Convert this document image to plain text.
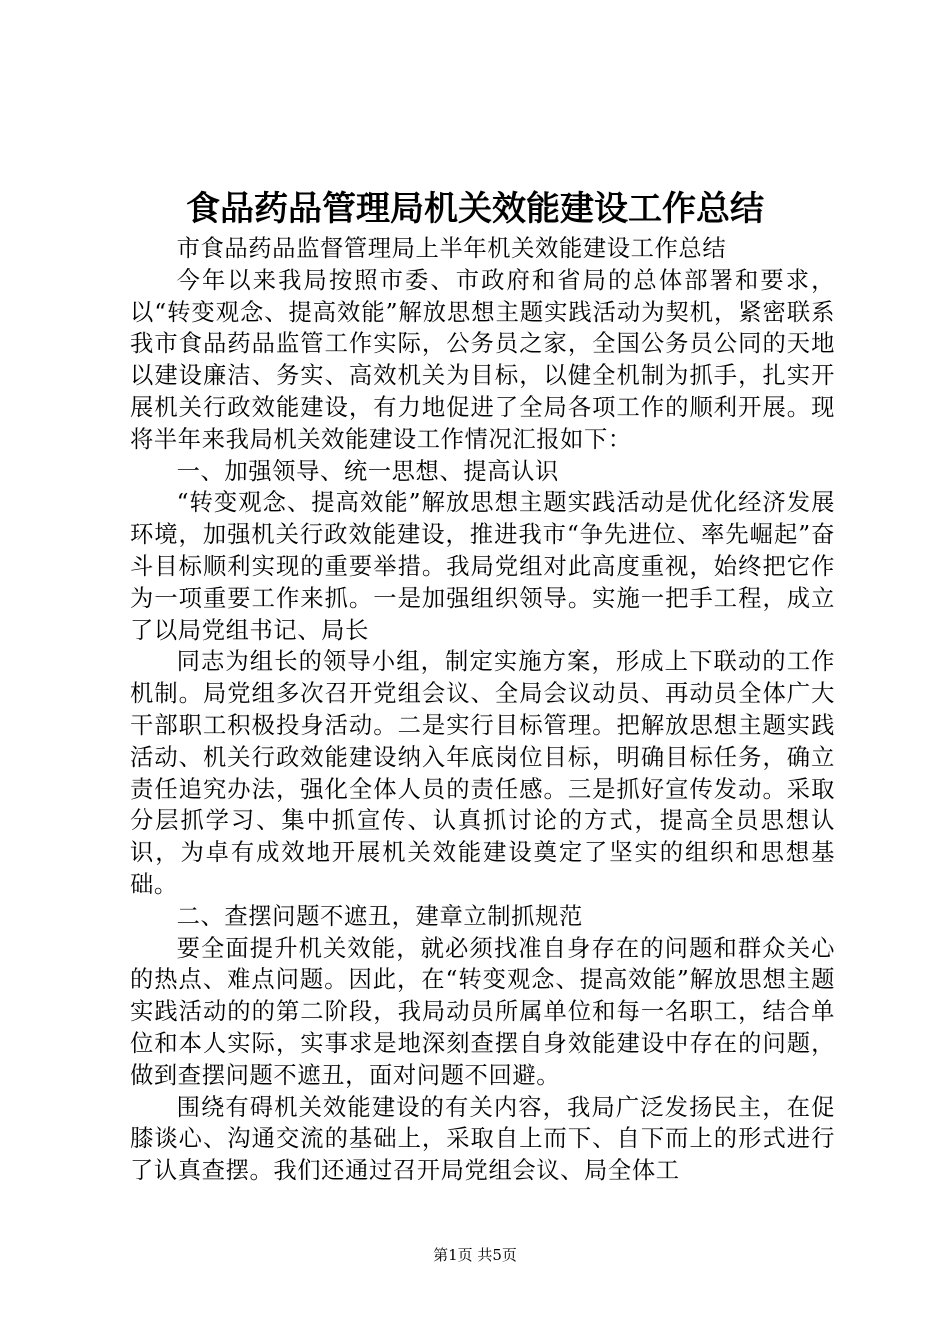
食品药品管理局机关效能建设工作总结

市食品药品监督管理局上半年机关效能建设工作总结

今年以来我局按照市委、市政府和省局的总体部署和要求，以“转变观念、提高效能”解放思想主题实践活动为契机，紧密联系我市食品药品监管工作实际，公务员之家，全国公务员公同的天地以建设廉洁、务实、高效机关为目标，以健全机制为抓手，扎实开展机关行政效能建设，有力地促进了全局各项工作的顺利开展。现将半年来我局机关效能建设工作情况汇报如下：

一、加强领导、统一思想、提高认识

“转变观念、提高效能”解放思想主题实践活动是优化经济发展环境，加强机关行政效能建设，推进我市“争先进位、率先崛起”奋斗目标顺利实现的重要举措。我局党组对此高度重视，始终把它作为一项重要工作来抓。一是加强组织领导。实施一把手工程，成立了以局党组书记、局长

同志为组长的领导小组，制定实施方案，形成上下联动的工作机制。局党组多次召开党组会议、全局会议动员、再动员全体广大干部职工积极投身活动。二是实行目标管理。把解放思想主题实践活动、机关行政效能建设纳入年底岗位目标，明确目标任务，确立责任追究办法，强化全体人员的责任感。三是抓好宣传发动。采取分层抓学习、集中抓宣传、认真抓讨论的方式，提高全员思想认识，为卓有成效地开展机关效能建设奠定了坚实的组织和思想基础。

二、查摆问题不遮丑，建章立制抓规范

要全面提升机关效能，就必须找准自身存在的问题和群众关心的热点、难点问题。因此，在“转变观念、提高效能”解放思想主题实践活动的的第二阶段，我局动员所属单位和每一名职工，结合单位和本人实际，实事求是地深刻查摆自身效能建设中存在的问题，做到查摆问题不遮丑，面对问题不回避。

围绕有碍机关效能建设的有关内容，我局广泛发扬民主，在促膝谈心、沟通交流的基础上，采取自上而下、自下而上的形式进行了认真查摆。我们还通过召开局党组会议、局全体工

第1页 共5页
